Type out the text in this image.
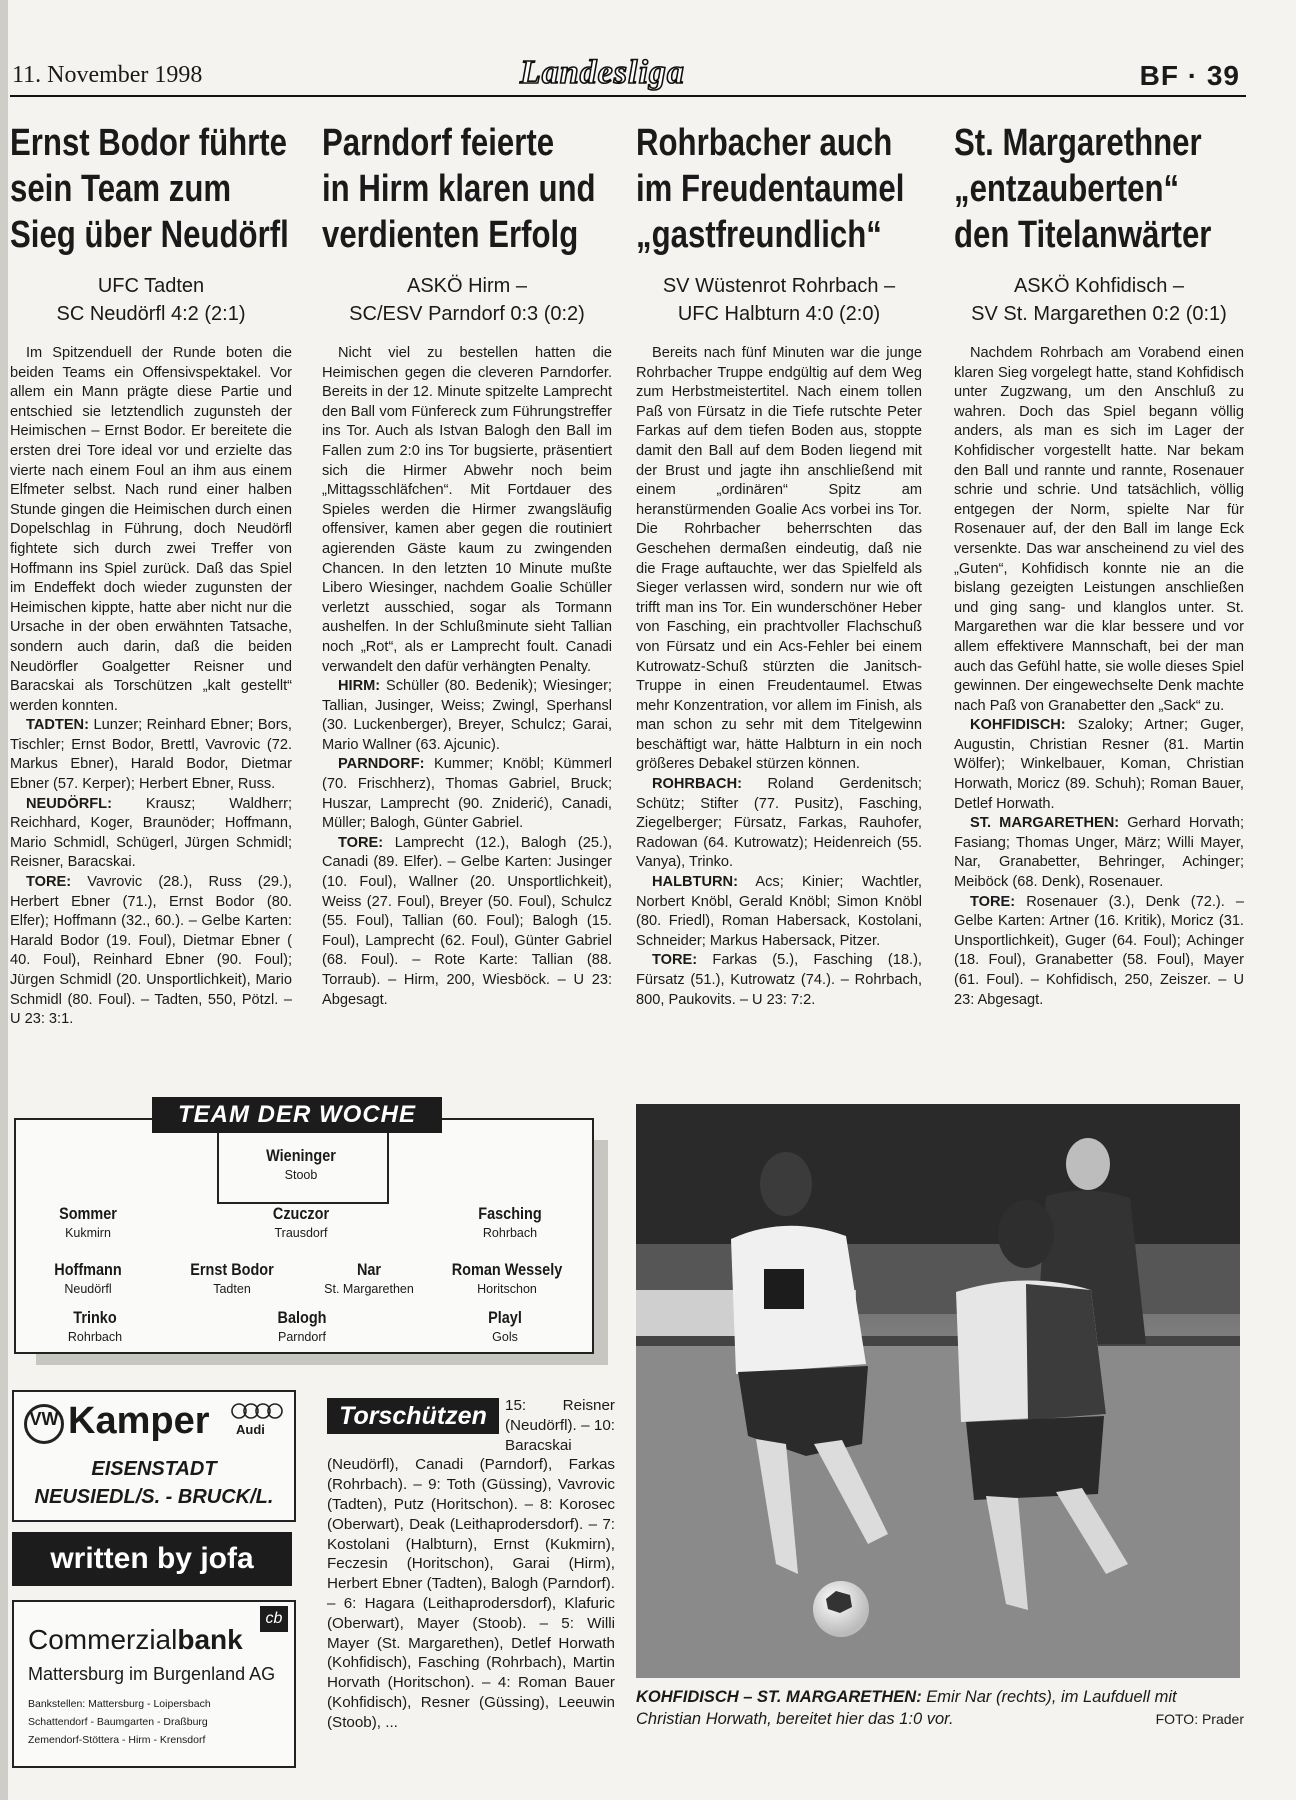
11. November 1998	Landesliga	BF · 39
Ernst Bodor führte
sein Team zum
Sieg über Neudörfl
UFC Tadten
SC Neudörfl 4:2 (2:1)

Im Spitzenduell der Runde boten die beiden Teams ein Offensivspektakel. Vor allem ein Mann prägte diese Partie und entschied sie letztendlich zugunsteh der Heimischen – Ernst Bodor. Er bereitete die ersten drei Tore ideal vor und erzielte das vierte nach einem Foul an ihm aus einem Elfmeter selbst. Nach rund einer halben Stunde gingen die Heimischen durch einen Dopelschlag in Führung, doch Neudörfl fightete sich durch zwei Treffer von Hoffmann ins Spiel zurück. Daß das Spiel im Endeffekt doch wieder zugunsten der Heimischen kippte, hatte aber nicht nur die Ursache in der oben erwähnten Tatsache, sondern auch darin, daß die beiden Neudörfler Goalgetter Reisner und Baracskai als Torschützen „kalt gestellt“ werden konnten.

TADTEN: Lunzer; Reinhard Ebner; Bors, Tischler; Ernst Bodor, Brettl, Vavrovic (72. Markus Ebner), Harald Bodor, Dietmar Ebner (57. Kerper); Herbert Ebner, Russ.

NEUDÖRFL: Krausz; Waldherr; Reichhard, Koger, Braunöder; Hoffmann, Mario Schmidl, Schügerl, Jürgen Schmidl; Reisner, Baracskai.

TORE: Vavrovic (28.), Russ (29.), Herbert Ebner (71.), Ernst Bodor (80. Elfer); Hoffmann (32., 60.). – Gelbe Karten: Harald Bodor (19. Foul), Dietmar Ebner ( 40. Foul), Reinhard Ebner (90. Foul); Jürgen Schmidl (20. Unsportlichkeit), Mario Schmidl (80. Foul). – Tadten, 550, Pötzl. – U 23: 3:1.

Parndorf feierte
in Hirm klaren und
verdienten Erfolg
ASKÖ Hirm –
SC/ESV Parndorf 0:3 (0:2)

Nicht viel zu bestellen hatten die Heimischen gegen die cleveren Parndorfer. Bereits in der 12. Minute spitzelte Lamprecht den Ball vom Fünfereck zum Führungstreffer ins Tor. Auch als Istvan Balogh den Ball im Fallen zum 2:0 ins Tor bugsierte, präsentiert sich die Hirmer Abwehr noch beim „Mittagsschläfchen“. Mit Fortdauer des Spieles werden die Hirmer zwangsläufig offensiver, kamen aber gegen die routiniert agierenden Gäste kaum zu zwingenden Chancen. In den letzten 10 Minute mußte Libero Wiesinger, nachdem Goalie Schüller verletzt ausschied, sogar als Tormann aushelfen. In der Schlußminute sieht Tallian noch „Rot“, als er Lamprecht foult. Canadi verwandelt den dafür verhängten Penalty.

HIRM: Schüller (80. Bedenik); Wiesinger; Tallian, Jusinger, Weiss; Zwingl, Sperhansl (30. Luckenberger), Breyer, Schulcz; Garai, Mario Wallner (63. Ajcunic).

PARNDORF: Kummer; Knöbl; Kümmerl (70. Frischherz), Thomas Gabriel, Bruck; Huszar, Lamprecht (90. Zniderić), Canadi, Müller; Balogh, Günter Gabriel.

TORE: Lamprecht (12.), Balogh (25.), Canadi (89. Elfer). – Gelbe Karten: Jusinger (10. Foul), Wallner (20. Unsportlichkeit), Weiss (27. Foul), Breyer (50. Foul), Schulcz (55. Foul), Tallian (60. Foul); Balogh (15. Foul), Lamprecht (62. Foul), Günter Gabriel (68. Foul). – Rote Karte: Tallian (88. Torraub). – Hirm, 200, Wiesböck. – U 23: Abgesagt.

Rohrbacher auch
im Freudentaumel
„gastfreundlich“
SV Wüstenrot Rohrbach –
UFC Halbturn 4:0 (2:0)

Bereits nach fünf Minuten war die junge Rohrbacher Truppe endgültig auf dem Weg zum Herbstmeistertitel. Nach einem tollen Paß von Fürsatz in die Tiefe rutschte Peter Farkas auf dem tiefen Boden aus, stoppte damit den Ball auf dem Boden liegend mit der Brust und jagte ihn anschließend mit einem „ordinären“ Spitz am heranstürmenden Goalie Acs vorbei ins Tor. Die Rohrbacher beherrschten das Geschehen dermaßen eindeutig, daß nie die Frage auftauchte, wer das Spielfeld als Sieger verlassen wird, sondern nur wie oft trifft man ins Tor. Ein wunderschöner Heber von Fasching, ein prachtvoller Flachschuß von Fürsatz und ein Acs-Fehler bei einem Kutrowatz-Schuß stürzten die Janitsch-Truppe in einen Freudentaumel. Etwas mehr Konzentration, vor allem im Finish, als man schon zu sehr mit dem Titelgewinn beschäftigt war, hätte Halbturn in ein noch größeres Debakel stürzen können.

ROHRBACH: Roland Gerdenitsch; Schütz; Stifter (77. Pusitz), Fasching, Ziegelberger; Fürsatz, Farkas, Rauhofer, Radowan (64. Kutrowatz); Heidenreich (55. Vanya), Trinko.

HALBTURN: Acs; Kinier; Wachtler, Norbert Knöbl, Gerald Knöbl; Simon Knöbl (80. Friedl), Roman Habersack, Kostolani, Schneider; Markus Habersack, Pitzer.

TORE: Farkas (5.), Fasching (18.), Fürsatz (51.), Kutrowatz (74.). – Rohrbach, 800, Paukovits. – U 23: 7:2.

St. Margarethner
„entzauberten“
den Titelanwärter
ASKÖ Kohfidisch –
SV St. Margarethen 0:2 (0:1)

Nachdem Rohrbach am Vorabend einen klaren Sieg vorgelegt hatte, stand Kohfidisch unter Zugzwang, um den Anschluß zu wahren. Doch das Spiel begann völlig anders, als man es sich im Lager der Kohfidischer vorgestellt hatte. Nar bekam den Ball und rannte und rannte, Rosenauer schrie und schrie. Und tatsächlich, völlig entgegen der Norm, spielte Nar für Rosenauer auf, der den Ball im lange Eck versenkte. Das war anscheinend zu viel des „Guten“, Kohfidisch konnte nie an die bislang gezeigten Leistungen anschließen und ging sang- und klanglos unter. St. Margarethen war die klar bessere und vor allem effektivere Mannschaft, bei der man auch das Gefühl hatte, sie wolle dieses Spiel gewinnen. Der eingewechselte Denk machte nach Paß von Granabetter den „Sack“ zu.

KOHFIDISCH: Szaloky; Artner; Guger, Augustin, Christian Resner (81. Martin Wölfer); Winkelbauer, Koman, Christian Horwath, Moricz (89. Schuh); Roman Bauer, Detlef Horwath.

ST. MARGARETHEN: Gerhard Horvath; Fasiang; Thomas Unger, März; Willi Mayer, Nar, Granabetter, Behringer, Achinger; Meiböck (68. Denk), Rosenauer.

TORE: Rosenauer (3.), Denk (72.). – Gelbe Karten: Artner (16. Kritik), Moricz (31. Unsportlichkeit), Guger (64. Foul); Achinger (18. Foul), Granabetter (58. Foul), Mayer (61. Foul). – Kohfidisch, 250, Zeiszer. – U 23: Abgesagt.

TEAM DER WOCHE
Wieninger
Stoob
Sommer
Kukmirn
Czuczor
Trausdorf
Fasching
Rohrbach
Hoffmann
Neudörfl
Ernst Bodor
Tadten
Nar
St. Margarethen
Roman Wessely
Horitschon
Trinko
Rohrbach
Balogh
Parndorf
Playl
Gols
VW Kamper Audi
EISENSTADT
NEUSIEDL/S. - BRUCK/L.
written by jofa
cb
Commerzialbank
Mattersburg im Burgenland AG
Bankstellen: Mattersburg - Loipersbach
Schattendorf - Baumgarten - Draßburg
Zemendorf-Stöttera - Hirm - Krensdorf
15: Reisner (Neudörfl). – 10: Baracskai (Neudörfl), Canadi (Parndorf), Farkas (Rohrbach). – 9: Toth (Güssing), Vavrovic (Tadten), Putz (Horitschon). – 8: Korosec (Oberwart), Deak (Leithaprodersdorf). – 7: Kostolani (Halbturn), Ernst (Kukmirn), Feczesin (Horitschon), Garai (Hirm), Herbert Ebner (Tadten), Balogh (Parndorf). – 6: Hagara (Leithaprodersdorf), Klafuric (Oberwart), Mayer (Stoob). – 5: Willi Mayer (St. Margarethen), Detlef Horwath (Kohfidisch), Fasching (Rohrbach), Martin Horvath (Horitschon). – 4: Roman Bauer (Kohfidisch), Resner (Güssing), Leeuwin (Stoob), ...
Torschützen
KOHFIDISCH – ST. MARGARETHEN: Emir Nar (rechts), im Laufduell mit Christian Horwath, bereitet hier das 1:0 vor.	FOTO: Prader
